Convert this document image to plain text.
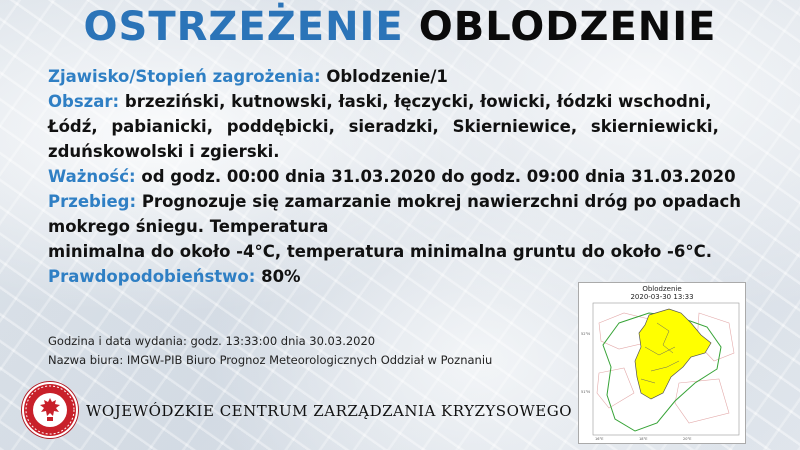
OSTRZEŻENIE OBLODZENIE
Zjawisko/Stopień zagrożenia: Oblodzenie/1
Obszar: brzeziński, kutnowski, łaski, łęczycki, łowicki, łódzki wschodni,
Łódź, pabianicki, poddębicki, sieradzki, Skierniewice, skierniewicki,
zduńskowolski i zgierski.
Ważność: od godz. 00:00 dnia 31.03.2020 do godz. 09:00 dnia 31.03.2020
Przebieg: Prognozuje się zamarzanie mokrej nawierzchni dróg po opadach
mokrego śniegu. Temperatura
minimalna do około -4°C, temperatura minimalna gruntu do około -6°C.
Prawdopodobieństwo: 80%
Godzina i data wydania: godz. 13:33:00 dnia 30.03.2020
Nazwa biura: IMGW-PIB Biuro Prognoz Meteorologicznych Oddział w Poznaniu
WOJEWÓDZKIE CENTRUM ZARZĄDZANIA KRYZYSOWEGO
Oblodzenie
2020-03-30 13:33
16°E	18°E	20°E
52°N
51°N
